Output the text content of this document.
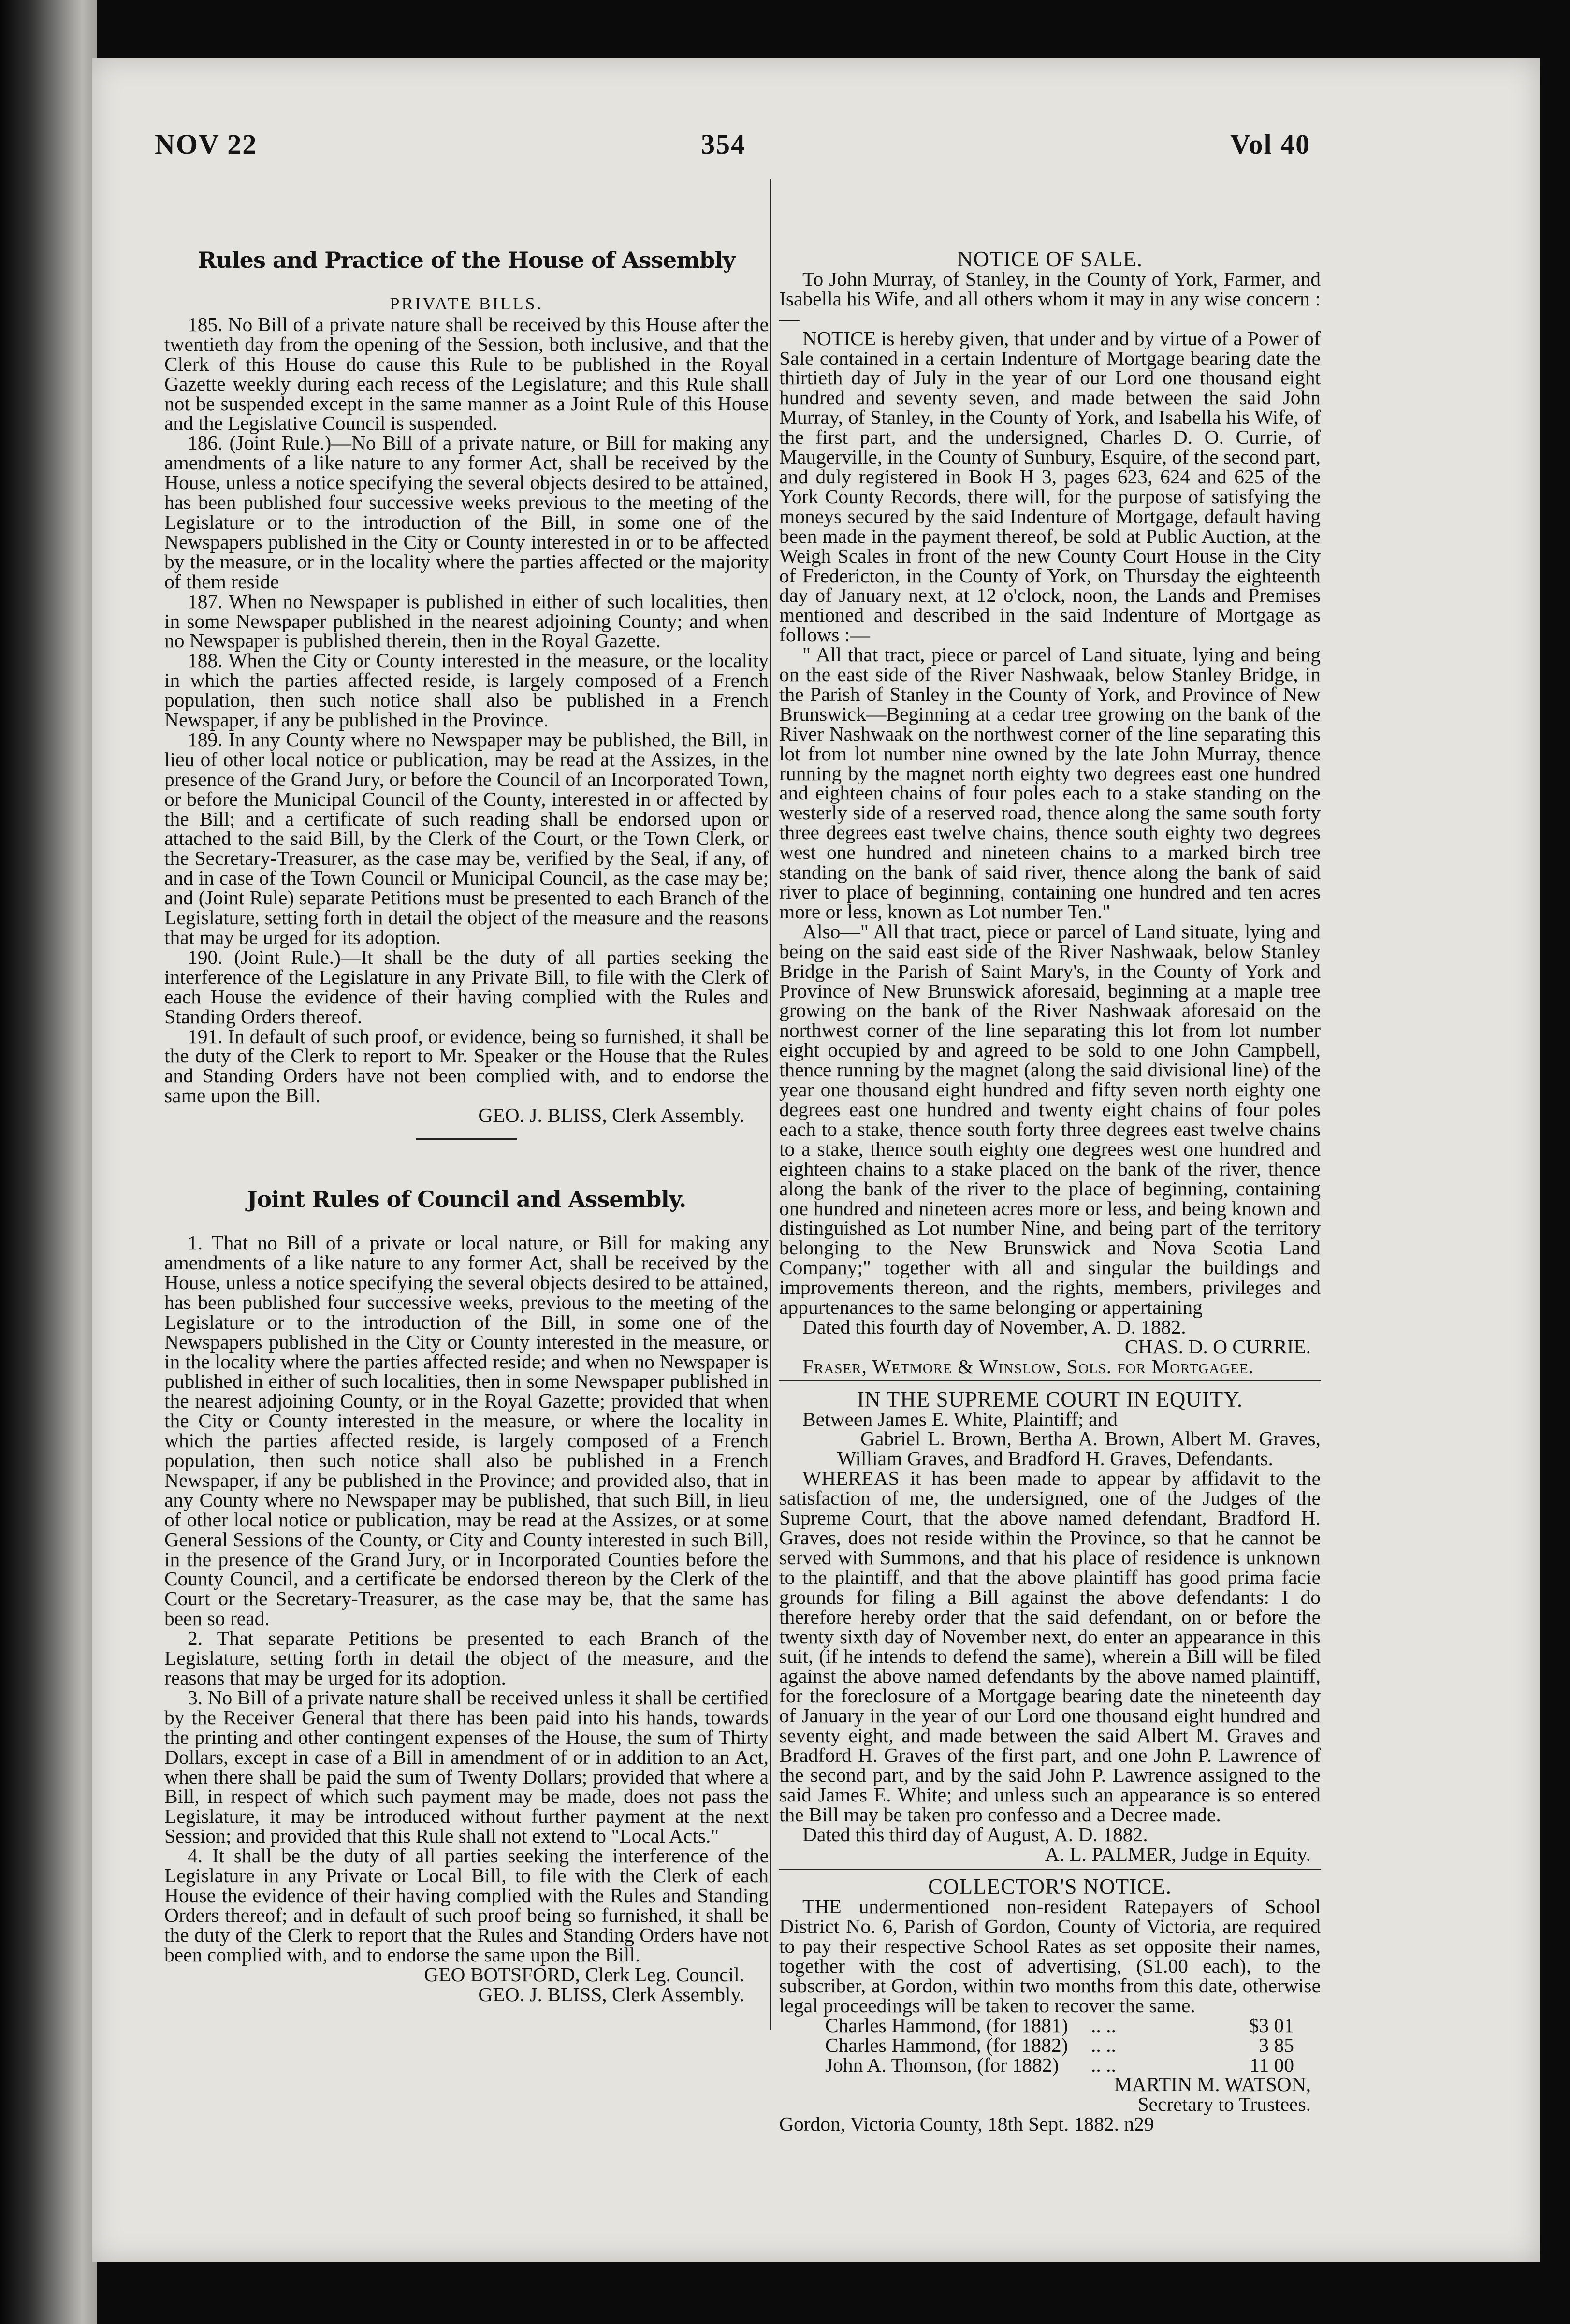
NOV 22	354	Vol 40

Rules and Practice of the House of Assembly

PRIVATE BILLS.

185. No Bill of a private nature shall be received by this House after the twentieth day from the opening of the Session, both inclusive, and that the Clerk of this House do cause this Rule to be published in the Royal Gazette weekly during each recess of the Legislature; and this Rule shall not be suspended except in the same manner as a Joint Rule of this House and the Legislative Council is suspended.

186. (Joint Rule.)—No Bill of a private nature, or Bill for making any amendments of a like nature to any former Act, shall be received by the House, unless a notice specifying the several objects desired to be attained, has been published four successive weeks previous to the meeting of the Legislature or to the introduction of the Bill, in some one of the Newspapers published in the City or County interested in or to be affected by the measure, or in the locality where the parties affected or the majority of them reside

187. When no Newspaper is published in either of such localities, then in some Newspaper published in the nearest adjoining County; and when no Newspaper is published therein, then in the Royal Gazette.

188. When the City or County interested in the measure, or the locality in which the parties affected reside, is largely composed of a French population, then such notice shall also be published in a French Newspaper, if any be published in the Province.

189. In any County where no Newspaper may be published, the Bill, in lieu of other local notice or publication, may be read at the Assizes, in the presence of the Grand Jury, or before the Council of an Incorporated Town, or before the Municipal Council of the County, interested in or affected by the Bill; and a certificate of such reading shall be endorsed upon or attached to the said Bill, by the Clerk of the Court, or the Town Clerk, or the Secretary-Treasurer, as the case may be, verified by the Seal, if any, of and in case of the Town Council or Municipal Council, as the case may be; and (Joint Rule) separate Petitions must be presented to each Branch of the Legislature, setting forth in detail the object of the measure and the reasons that may be urged for its adoption.

190. (Joint Rule.)—It shall be the duty of all parties seeking the interference of the Legislature in any Private Bill, to file with the Clerk of each House the evidence of their having complied with the Rules and Standing Orders thereof.

191. In default of such proof, or evidence, being so furnished, it shall be the duty of the Clerk to report to Mr. Speaker or the House that the Rules and Standing Orders have not been complied with, and to endorse the same upon the Bill.

GEO. J. BLISS, Clerk Assembly.

Joint Rules of Council and Assembly.

1. That no Bill of a private or local nature, or Bill for making any amendments of a like nature to any former Act, shall be received by the House, unless a notice specifying the several objects desired to be attained, has been published four successive weeks, previous to the meeting of the Legislature or to the introduction of the Bill, in some one of the Newspapers published in the City or County interested in the measure, or in the locality where the parties affected reside; and when no Newspaper is published in either of such localities, then in some Newspaper published in the nearest adjoining County, or in the Royal Gazette; provided that when the City or County interested in the measure, or where the locality in which the parties affected reside, is largely composed of a French population, then such notice shall also be published in a French Newspaper, if any be published in the Province; and provided also, that in any County where no Newspaper may be published, that such Bill, in lieu of other local notice or publication, may be read at the Assizes, or at some General Sessions of the County, or City and County interested in such Bill, in the presence of the Grand Jury, or in Incorporated Counties before the County Council, and a certificate be endorsed thereon by the Clerk of the Court or the Secretary-Treasurer, as the case may be, that the same has been so read.

2. That separate Petitions be presented to each Branch of the Legislature, setting forth in detail the object of the measure, and the reasons that may be urged for its adoption.

3. No Bill of a private nature shall be received unless it shall be certified by the Receiver General that there has been paid into his hands, towards the printing and other contingent expenses of the House, the sum of Thirty Dollars, except in case of a Bill in amendment of or in addition to an Act, when there shall be paid the sum of Twenty Dollars; provided that where a Bill, in respect of which such payment may be made, does not pass the Legislature, it may be introduced without further payment at the next Session; and provided that this Rule shall not extend to "Local Acts."

4. It shall be the duty of all parties seeking the interference of the Legislature in any Private or Local Bill, to file with the Clerk of each House the evidence of their having complied with the Rules and Standing Orders thereof; and in default of such proof being so furnished, it shall be the duty of the Clerk to report that the Rules and Standing Orders have not been complied with, and to endorse the same upon the Bill.

GEO BOTSFORD, Clerk Leg. Council.

GEO. J. BLISS, Clerk Assembly.

NOTICE OF SALE.

To John Murray, of Stanley, in the County of York, Farmer, and Isabella his Wife, and all others whom it may in any wise concern :—

NOTICE is hereby given, that under and by virtue of a Power of Sale contained in a certain Indenture of Mortgage bearing date the thirtieth day of July in the year of our Lord one thousand eight hundred and seventy seven, and made between the said John Murray, of Stanley, in the County of York, and Isabella his Wife, of the first part, and the undersigned, Charles D. O. Currie, of Maugerville, in the County of Sunbury, Esquire, of the second part, and duly registered in Book H 3, pages 623, 624 and 625 of the York County Records, there will, for the purpose of satisfying the moneys secured by the said Indenture of Mortgage, default having been made in the payment thereof, be sold at Public Auction, at the Weigh Scales in front of the new County Court House in the City of Fredericton, in the County of York, on Thursday the eighteenth day of January next, at 12 o'clock, noon, the Lands and Premises mentioned and described in the said Indenture of Mortgage as follows :—

" All that tract, piece or parcel of Land situate, lying and being on the east side of the River Nashwaak, below Stanley Bridge, in the Parish of Stanley in the County of York, and Province of New Brunswick—Beginning at a cedar tree growing on the bank of the River Nashwaak on the northwest corner of the line separating this lot from lot number nine owned by the late John Murray, thence running by the magnet north eighty two degrees east one hundred and eighteen chains of four poles each to a stake standing on the westerly side of a reserved road, thence along the same south forty three degrees east twelve chains, thence south eighty two degrees west one hundred and nineteen chains to a marked birch tree standing on the bank of said river, thence along the bank of said river to place of beginning, containing one hundred and ten acres more or less, known as Lot number Ten."

Also—" All that tract, piece or parcel of Land situate, lying and being on the said east side of the River Nashwaak, below Stanley Bridge in the Parish of Saint Mary's, in the County of York and Province of New Brunswick aforesaid, beginning at a maple tree growing on the bank of the River Nashwaak aforesaid on the northwest corner of the line separating this lot from lot number eight occupied by and agreed to be sold to one John Campbell, thence running by the magnet (along the said divisional line) of the year one thousand eight hundred and fifty seven north eighty one degrees east one hundred and twenty eight chains of four poles each to a stake, thence south forty three degrees east twelve chains to a stake, thence south eighty one degrees west one hundred and eighteen chains to a stake placed on the bank of the river, thence along the bank of the river to the place of beginning, containing one hundred and nineteen acres more or less, and being known and distinguished as Lot number Nine, and being part of the territory belonging to the New Brunswick and Nova Scotia Land Company;" together with all and singular the buildings and improvements thereon, and the rights, members, privileges and appurtenances to the same belonging or appertaining

Dated this fourth day of November, A. D. 1882.

CHAS. D. O CURRIE.

Fraser, Wetmore & Winslow, Sols. for Mortgagee.

IN THE SUPREME COURT IN EQUITY.

Between James E. White, Plaintiff; and

Gabriel L. Brown, Bertha A. Brown, Albert M. Graves, William Graves, and Bradford H. Graves, Defendants.

WHEREAS it has been made to appear by affidavit to the satisfaction of me, the undersigned, one of the Judges of the Supreme Court, that the above named defendant, Bradford H. Graves, does not reside within the Province, so that he cannot be served with Summons, and that his place of residence is unknown to the plaintiff, and that the above plaintiff has good prima facie grounds for filing a Bill against the above defendants: I do therefore hereby order that the said defendant, on or before the twenty sixth day of November next, do enter an appearance in this suit, (if he intends to defend the same), wherein a Bill will be filed against the above named defendants by the above named plaintiff, for the foreclosure of a Mortgage bearing date the nineteenth day of January in the year of our Lord one thousand eight hundred and seventy eight, and made between the said Albert M. Graves and Bradford H. Graves of the first part, and one John P. Lawrence of the second part, and by the said John P. Lawrence assigned to the said James E. White; and unless such an appearance is so entered the Bill may be taken pro confesso and a Decree made.

Dated this third day of August, A. D. 1882.

A. L. PALMER, Judge in Equity.

COLLECTOR'S NOTICE.

THE undermentioned non-resident Ratepayers of School District No. 6, Parish of Gordon, County of Victoria, are required to pay their respective School Rates as set opposite their names, together with the cost of advertising, ($1.00 each), to the subscriber, at Gordon, within two months from this date, otherwise legal proceedings will be taken to recover the same.

Charles Hammond, (for 1881)	.. ..	$3 01
Charles Hammond, (for 1882)	.. ..	3 85
John A. Thomson, (for 1882)	.. ..	11 00

MARTIN M. WATSON,

Secretary to Trustees.

Gordon, Victoria County, 18th Sept. 1882. n29
